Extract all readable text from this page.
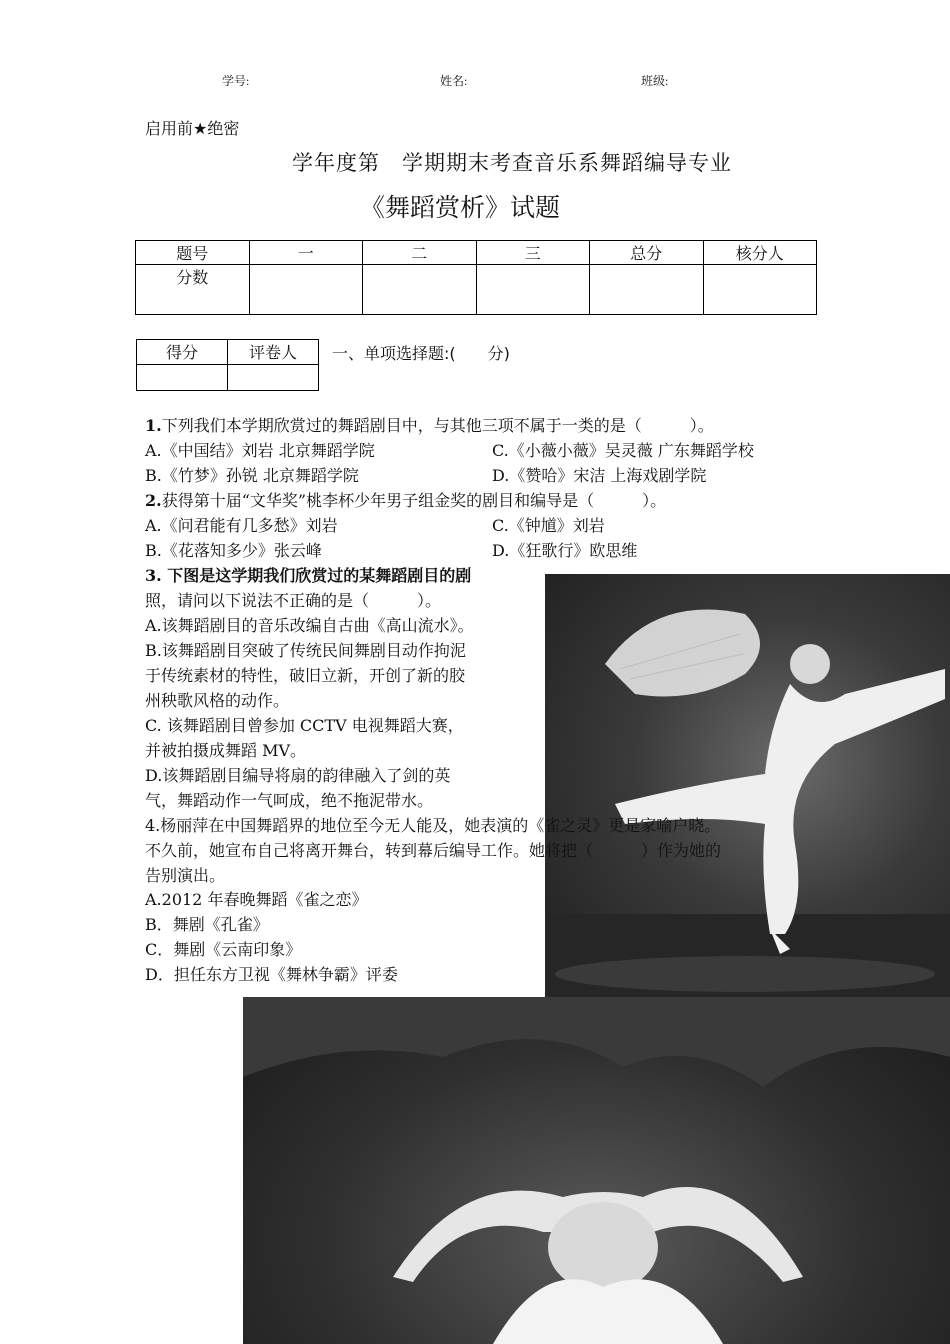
学号:	姓名:	班级:
启用前★绝密
学年度第　学期期末考查音乐系舞蹈编导专业
《舞蹈赏析》试题
题号	一	二	三	总分	核分人
分数					
得分	评卷人
	一、单项选择题:(　　分)
1.下列我们本学期欣赏过的舞蹈剧目中，与其他三项不属于一类的是（　　　）。
A.《中国结》刘岩 北京舞蹈学院	C.《小薇小薇》吴灵薇 广东舞蹈学校
B.《竹梦》孙锐 北京舞蹈学院	D.《赞哈》宋洁 上海戏剧学院
2.获得第十届“文华奖”桃李杯少年男子组金奖的剧目和编导是（　　　）。
A.《问君能有几多愁》刘岩	C.《钟馗》刘岩
B.《花落知多少》张云峰	D.《狂歌行》欧思维
3. 下图是这学期我们欣赏过的某舞蹈剧目的剧
照，请问以下说法不正确的是（　　　）。
A.该舞蹈剧目的音乐改编自古曲《高山流水》。
B.该舞蹈剧目突破了传统民间舞剧目动作拘泥
于传统素材的特性，破旧立新，开创了新的胶
州秧歌风格的动作。
C. 该舞蹈剧目曾参加 CCTV 电视舞蹈大赛，
并被拍摄成舞蹈 MV。
D.该舞蹈剧目编导将扇的韵律融入了剑的英
气，舞蹈动作一气呵成，绝不拖泥带水。
4.杨丽萍在中国舞蹈界的地位至今无人能及，她表演的《雀之灵》更是家喻户晓。
不久前，她宣布自己将离开舞台，转到幕后编导工作。她将把（　　　）作为她的
告别演出。
A.2012 年春晚舞蹈《雀之恋》
B．舞剧《孔雀》
C．舞剧《云南印象》
D．担任东方卫视《舞林争霸》评委
